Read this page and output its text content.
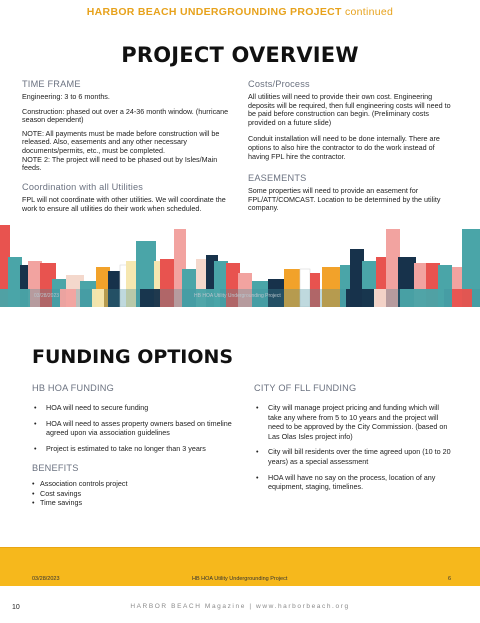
HARBOR BEACH UNDERGROUNDING PROJECT continued
PROJECT OVERVIEW
TIME FRAME

Engineering: 3 to 6 months.

Construction: phased out over a 24-36 month window. (hurricane season dependent)

NOTE: All payments must be made before construction will be released. Also, easements and any other necessary documents/permits, etc., must be completed.

NOTE 2: The project will need to be phased out by Isles/Main feeds.

Coordination with all Utilities
FPL will not coordinate with other utilities. We will coordinate the work to ensure all utilities do their work when scheduled.
Costs/Process

All utilities will need to provide their own cost. Engineering deposits will be required, then full engineering costs will need to be paid before construction can begin. (Preliminary costs provided on a future slide)

Conduit installation will need to be done internally. There are options to also hire the contractor to do the work instead of having FPL hire the contractor.

EASEMENTS
Some properties will need to provide an easement for FPL/ATT/COMCAST. Location to be determined by the utility company.
03/28/2023	HB HOA Utility Undergrounding Project
FUNDING OPTIONS
HB HOA FUNDING
• HOA will need to secure funding
• HOA will need to asses property owners based on timeline agreed upon via association guidelines
• Project is estimated to take no longer than 3 years
BENEFITS
• Association controls project
• Cost savings
• Time savings
CITY OF FLL FUNDING
• City will manage project pricing and funding which will take any where from 5 to 10 years and the project will need to be approved by the City Commission. (based on Las Olas Isles project info)
• City will bill residents over the time agreed upon (10 to 20 years) as a special assessment
• HOA will have no say on the process, location of any equipment, staging, timelines.
03/28/2023	HB HOA Utility Undergrounding Project	6
10	HARBOR BEACH Magazine | www.harborbeach.org
